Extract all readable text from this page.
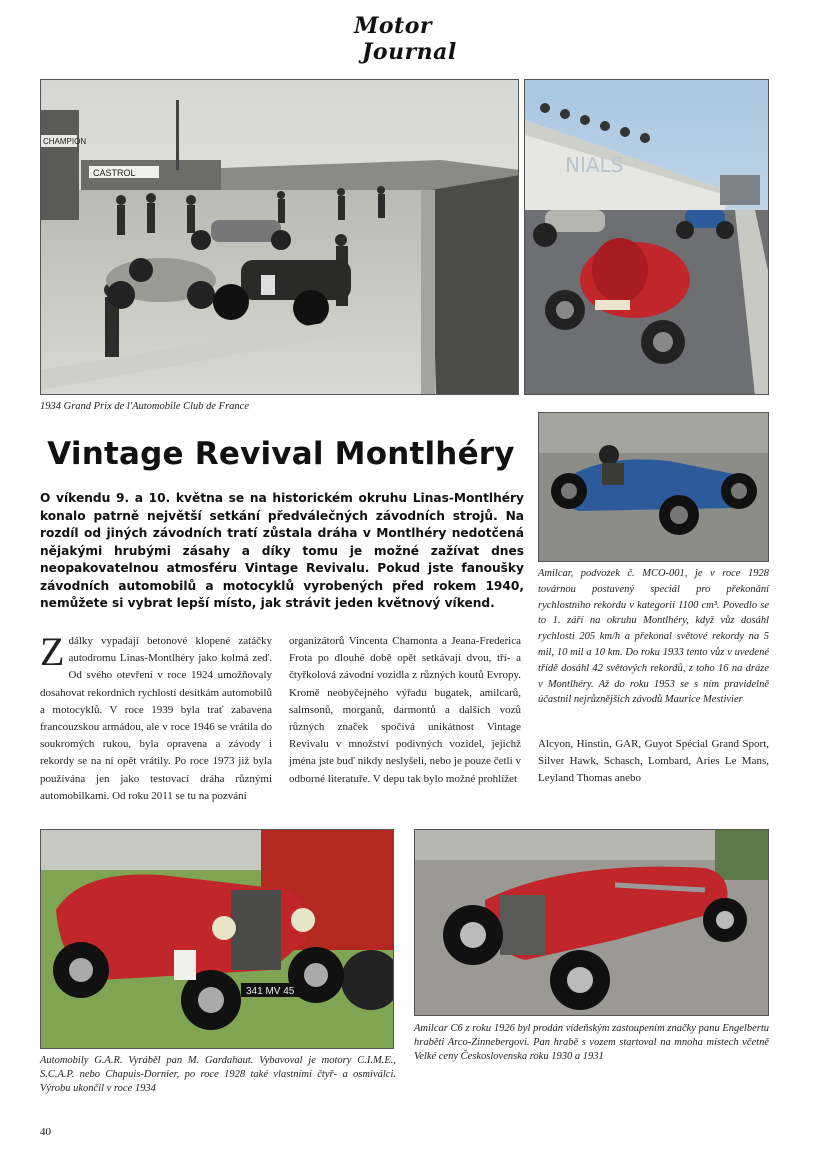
Motor
Journal
CHAMPION
CASTROL
1934 Grand Prix de l'Automobile Club de France
NIALS
Amilcar, podvozek č. MCO-001, je v roce 1928 továrnou postavený speciál pro překonání rychlostního rekordu v kategorii 1100 cm³. Povedlo se to 1. září na okruhu Montlhéry, když vůz dosáhl rychlosti 205 km/h a překonal světové rekordy na 5 mil, 10 mil a 10 km. Do roku 1933 tento vůz v uvedené třídě dosáhl 42 světových rekordů, z toho 16 na dráze v Montlhéry. Až do roku 1953 se s ním pravidelně účastnil nejrůznějších závodů Maurice Mestivier
Alcyon, Hinstin, GAR, Guyot Spécial Grand Sport, Silver Hawk, Schasch, Lombard, Aries Le Mans, Leyland Thomas anebo
Vintage Revival Montlhéry
O víkendu 9. a 10. května se na historickém okruhu Linas-Montlhéry konalo patrně největší setkání předválečných závodních strojů. Na rozdíl od jiných závodních tratí zůstala dráha v Montlhéry nedotčená nějakými hrubými zásahy a díky tomu je možné zažívat dnes neopakovatelnou atmosféru Vintage Revivalu. Pokud jste fanoušky závodních automobilů a motocyklů vyrobených před rokem 1940, nemůžete si vybrat lepší místo, jak strávit jeden květnový víkend.
Z dálky vypadají betonové klopené zatáčky autodromu Linas-Montlhéry jako kolmá zeď. Od svého otevření v roce 1924 umožňovaly dosahovat rekordních rychlostí desítkám automobilů a motocyklů. V roce 1939 byla trať zabavena francouzskou armádou, ale v roce 1946 se vrátila do soukromých rukou, byla opravena a závody i rekordy se na ní opět vrátily. Po roce 1973 již byla používána jen jako testovací dráha různými automobilkami. Od roku 2011 se tu na pozvání
organizátorů Vincenta Chamonta a Jeana-Frederica Frota po dlouhé době opět setkávají dvou, tří- a čtyřkolová závodní vozidla z různých koutů Evropy. Kromě neobyčejného výřadu bugatek, amilcarů, salmsonů, morganů, darmontů a dalších vozů různých značek spočívá unikátnost Vintage Revivalu v množství podivných vozidel, jejichž jména jste buď nikdy neslyšeli, nebo je pouze četli v odborné literatuře. V depu tak bylo možné prohlížet
341 MV 45
Automobily G.A.R. Vyráběl pan M. Gardahaut. Vybavoval je motory C.I.M.E., S.C.A.P. nebo Chapuis-Dornier, po roce 1928 také vlastními čtyř- a osmiválci. Výrobu ukončil v roce 1934
Amilcar C6 z roku 1926 byl prodán vídeňským zastoupením značky panu Engelbertu hraběti Arco-Zinnebergovi. Pan hrabě s vozem startoval na mnoha místech včetně Velké ceny Československa roku 1930 a 1931
40
